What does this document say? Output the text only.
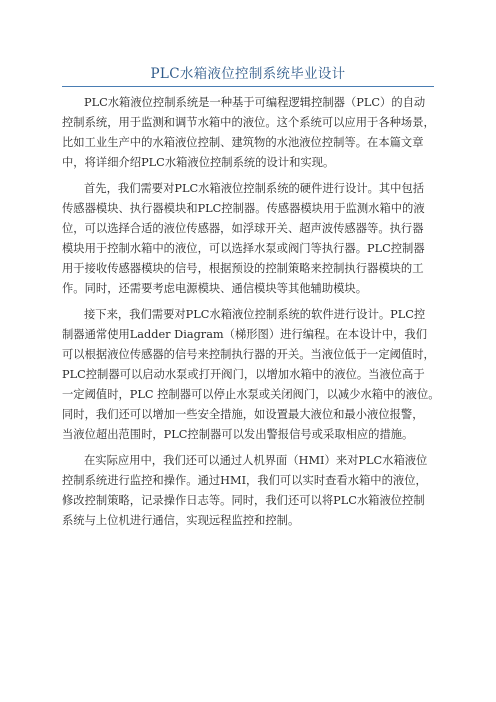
PLC水箱液位控制系统毕业设计
PLC水箱液位控制系统是一种基于可编程逻辑控制器（PLC）的自动
控制系统，用于监测和调节水箱中的液位。这个系统可以应用于各种场景，
比如工业生产中的水箱液位控制、建筑物的水池液位控制等。在本篇文章
中，将详细介绍PLC水箱液位控制系统的设计和实现。
首先，我们需要对PLC水箱液位控制系统的硬件进行设计。其中包括
传感器模块、执行器模块和PLC控制器。传感器模块用于监测水箱中的液
位，可以选择合适的液位传感器，如浮球开关、超声波传感器等。执行器
模块用于控制水箱中的液位，可以选择水泵或阀门等执行器。PLC控制器
用于接收传感器模块的信号，根据预设的控制策略来控制执行器模块的工
作。同时，还需要考虑电源模块、通信模块等其他辅助模块。
接下来，我们需要对PLC水箱液位控制系统的软件进行设计。PLC控
制器通常使用Ladder Diagram（梯形图）进行编程。在本设计中，我们
可以根据液位传感器的信号来控制执行器的开关。当液位低于一定阈值时，
PLC控制器可以启动水泵或打开阀门，以增加水箱中的液位。当液位高于
一定阈值时，PLC 控制器可以停止水泵或关闭阀门，以减少水箱中的液位。
同时，我们还可以增加一些安全措施，如设置最大液位和最小液位报警，
当液位超出范围时，PLC控制器可以发出警报信号或采取相应的措施。
在实际应用中，我们还可以通过人机界面（HMI）来对PLC水箱液位
控制系统进行监控和操作。通过HMI，我们可以实时查看水箱中的液位，
修改控制策略，记录操作日志等。同时，我们还可以将PLC水箱液位控制
系统与上位机进行通信，实现远程监控和控制。
